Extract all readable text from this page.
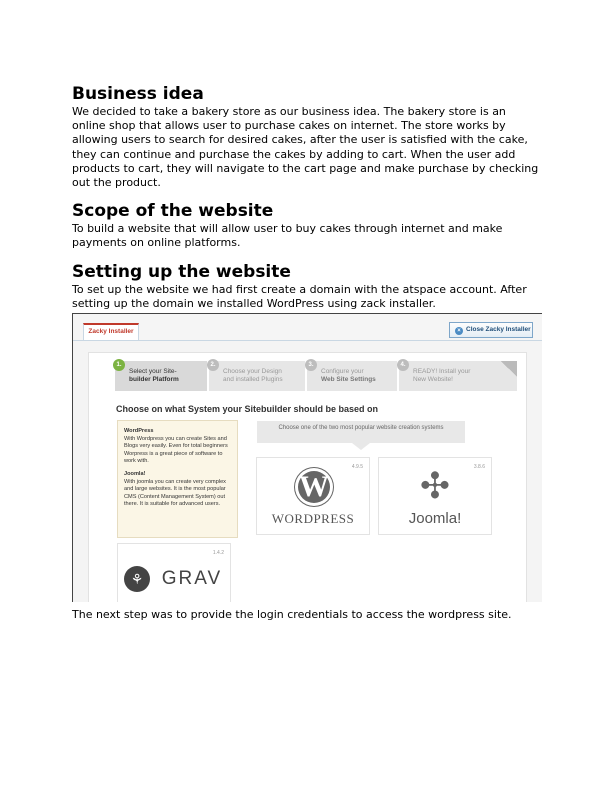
Business idea

We decided to take a bakery store as our business idea. The bakery store is an online shop that allows user to purchase cakes on internet. The store works by allowing users to search for desired cakes, after the user is satisfied with the cake, they can continue and purchase the cakes by adding to cart. When the user add products to cart, they will navigate to the cart page and make purchase by checking out the product.

Scope of the website

To build a website that will allow user to buy cakes through internet and make payments on online platforms.

Setting up the website

To set up the website we had first create a domain with the atspace account. After setting up the domain we installed WordPress using zack installer.

Zacky Installer	× Close Zacky Installer
1.
Select your Site-
builder Platform
2.
Choose your Design
and installed Plugins
3.
Configure your
Web Site Settings
4.
READY! Install your
New Website!
Choose on what System your Sitebuilder should be based on
WordPress
With Wordpress you can create Sites and Blogs very easily. Even for total beginners Worpress is a great piece of software to work with.
Joomla!
With joomla you can create very complex and large websites. It is the most popular CMS (Content Management System) out there. It is suitable for advanced users.
Choose one of the two most popular website creation systems
4.9.5
W
WORDPRESS
3.8.6
✣
Joomla!
1.4.2
⚘ GRAV

The next step was to provide the login credentials to access the wordpress site.
